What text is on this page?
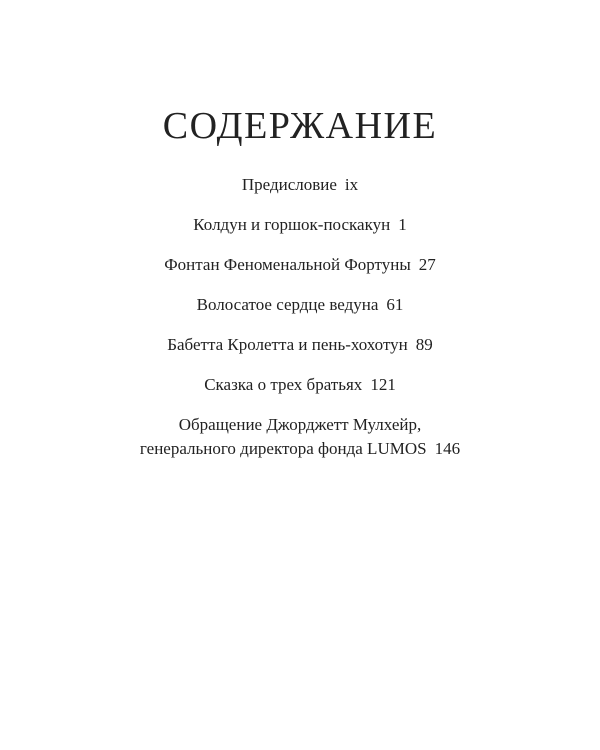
СОДЕРЖАНИЕ
Предисловие ix
Колдун и горшок-поскакун 1
Фонтан Феноменальной Фортуны 27
Волосатое сердце ведуна 61
Бабетта Кролетта и пень-хохотун 89
Сказка о трех братьях 121
Обращение Джорджетт Мулхейр,
генерального директора фонда LUMOS 146
